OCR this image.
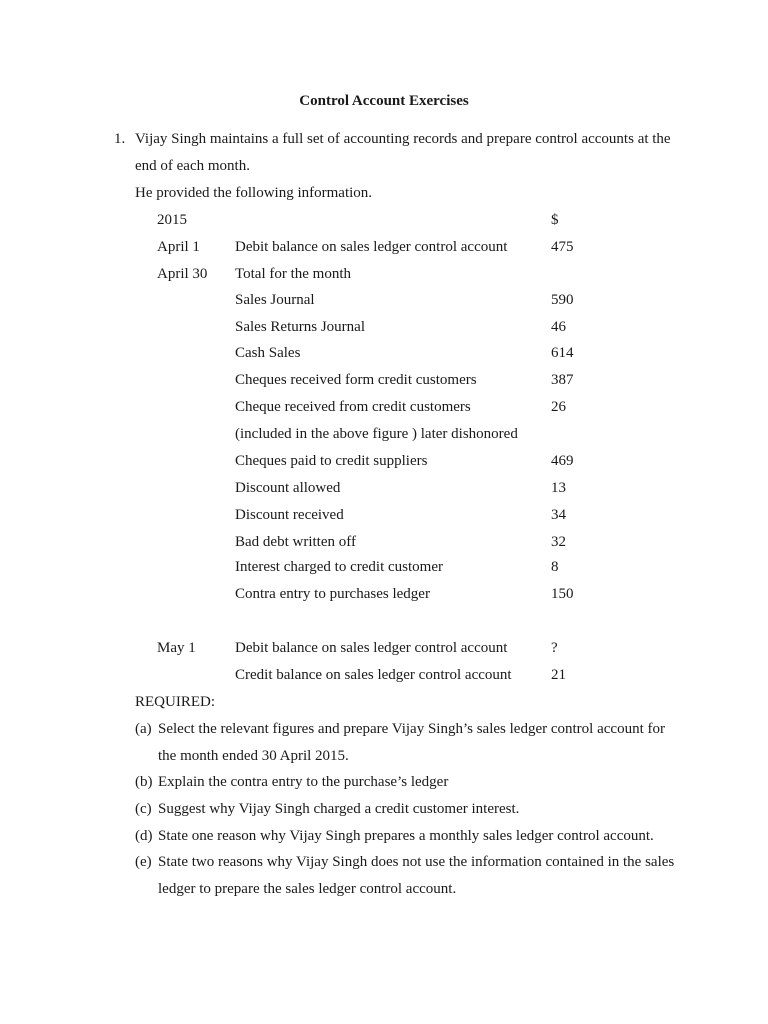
Control Account Exercises
1. Vijay Singh maintains a full set of accounting records and prepare control accounts at the
end of each month.
He provided the following information.
2015	$
April 1 Debit balance on sales ledger control account	475
April 30 Total for the month
Sales Journal	590
Sales Returns Journal	46
Cash Sales	614
Cheques received form credit customers	387
Cheque received from credit customers	26
(included in the above figure ) later dishonored
Cheques paid to credit suppliers	469
Discount allowed	13
Discount received	34
Bad debt written off	32
Interest charged to credit customer	8
Contra entry to purchases ledger	150
May 1	Debit balance on sales ledger control account	?
Credit balance on sales ledger control account	21
REQUIRED:
(a) Select the relevant figures and prepare Vijay Singh’s sales ledger control account for
the month ended 30 April 2015.
(b) Explain the contra entry to the purchase’s ledger
(c) Suggest why Vijay Singh charged a credit customer interest.
(d) State one reason why Vijay Singh prepares a monthly sales ledger control account.
(e) State two reasons why Vijay Singh does not use the information contained in the sales
ledger to prepare the sales ledger control account.
